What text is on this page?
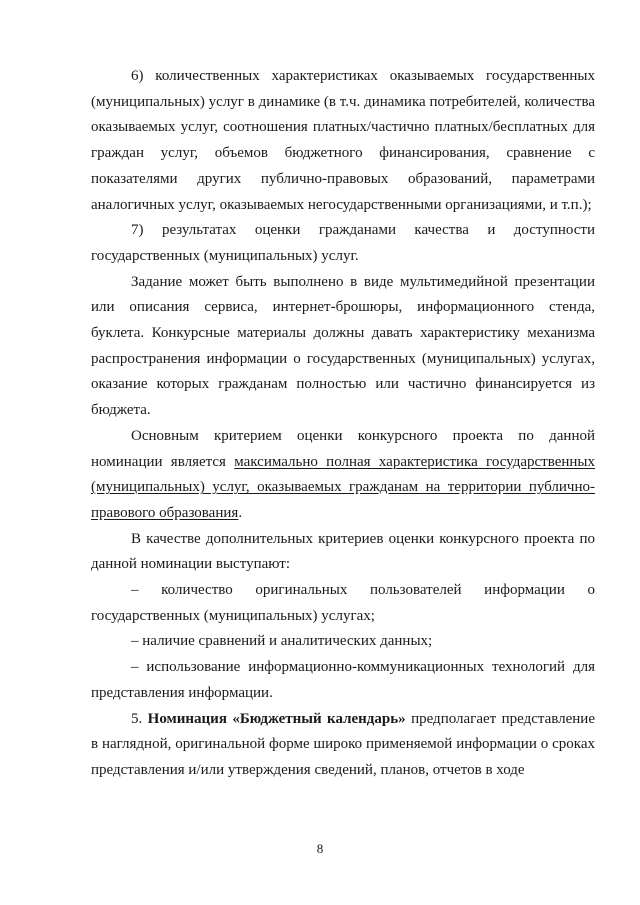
6) количественных характеристиках оказываемых государственных (муниципальных) услуг в динамике (в т.ч. динамика потребителей, количества оказываемых услуг, соотношения платных/частично платных/бесплатных для граждан услуг, объемов бюджетного финансирования, сравнение с показателями других публично-правовых образований, параметрами аналогичных услуг, оказываемых негосударственными организациями, и т.п.);

7) результатах оценки гражданами качества и доступности государственных (муниципальных) услуг.

Задание может быть выполнено в виде мультимедийной презентации или описания сервиса, интернет-брошюры, информационного стенда, буклета. Конкурсные материалы должны давать характеристику механизма распространения информации о государственных (муниципальных) услугах, оказание которых гражданам полностью или частично финансируется из бюджета.

Основным критерием оценки конкурсного проекта по данной номинации является максимально полная характеристика государственных (муниципальных) услуг, оказываемых гражданам на территории публично-правового образования.

В качестве дополнительных критериев оценки конкурсного проекта по данной номинации выступают:

– количество оригинальных пользователей информации о государственных (муниципальных) услугах;

– наличие сравнений и аналитических данных;

– использование информационно-коммуникационных технологий для представления информации.

5. Номинация «Бюджетный календарь» предполагает представление в наглядной, оригинальной форме широко применяемой информации о сроках представления и/или утверждения сведений, планов, отчетов в ходе

8
